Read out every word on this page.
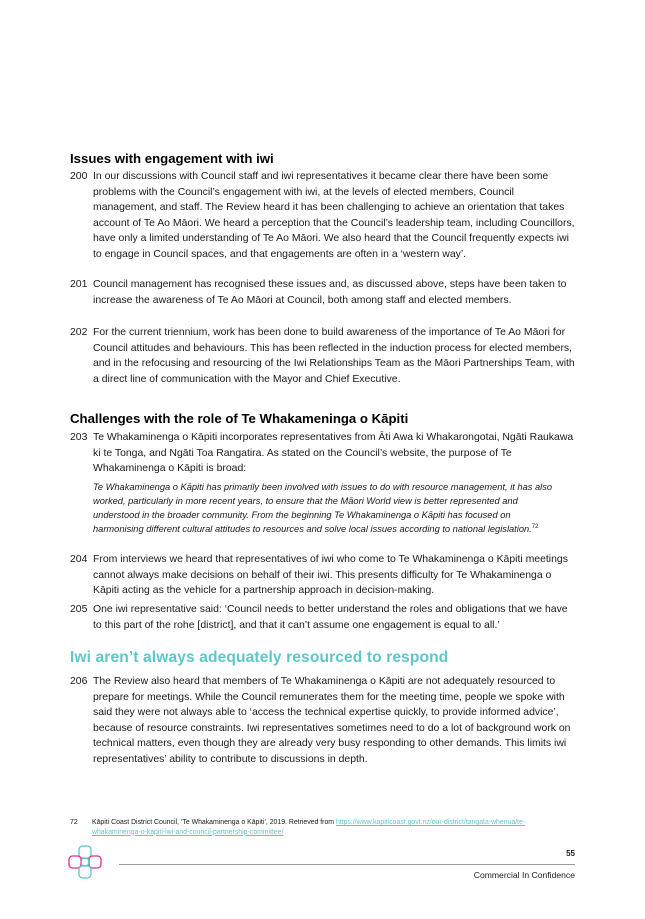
Issues with engagement with iwi
200 In our discussions with Council staff and iwi representatives it became clear there have been some problems with the Council’s engagement with iwi, at the levels of elected members, Council management, and staff. The Review heard it has been challenging to achieve an orientation that takes account of Te Ao Māori. We heard a perception that the Council’s leadership team, including Councillors, have only a limited understanding of Te Ao Māori. We also heard that the Council frequently expects iwi to engage in Council spaces, and that engagements are often in a ‘western way’.
201 Council management has recognised these issues and, as discussed above, steps have been taken to increase the awareness of Te Ao Māori at Council, both among staff and elected members.
202 For the current triennium, work has been done to build awareness of the importance of Te Ao Māori for Council attitudes and behaviours. This has been reflected in the induction process for elected members, and in the refocusing and resourcing of the Iwi Relationships Team as the Māori Partnerships Team, with a direct line of communication with the Mayor and Chief Executive.
Challenges with the role of Te Whakameninga o Kāpiti
203 Te Whakaminenga o Kāpiti incorporates representatives from Āti Awa ki Whakarongotai, Ngāti Raukawa ki te Tonga, and Ngāti Toa Rangatira. As stated on the Council’s website, the purpose of Te Whakaminenga o Kāpiti is broad:
Te Whakaminenga o Kāpiti has primarily been involved with issues to do with resource management, it has also worked, particularly in more recent years, to ensure that the Māori World view is better represented and understood in the broader community. From the beginning Te Whakaminenga o Kāpiti has focused on harmonising different cultural attitudes to resources and solve local issues according to national legislation.$^{72}$
204 From interviews we heard that representatives of iwi who come to Te Whakaminenga o Kāpiti meetings cannot always make decisions on behalf of their iwi. This presents difficulty for Te Whakaminenga o Kāpiti acting as the vehicle for a partnership approach in decision-making.
205 One iwi representative said: ‘Council needs to better understand the roles and obligations that we have to this part of the rohe [district], and that it can’t assume one engagement is equal to all.’
Iwi aren’t always adequately resourced to respond
206 The Review also heard that members of Te Whakaminenga o Kāpiti are not adequately resourced to prepare for meetings. While the Council remunerates them for the meeting time, people we spoke with said they were not always able to ‘access the technical expertise quickly, to provide informed advice’, because of resource constraints. Iwi representatives sometimes need to do a lot of background work on technical matters, even though they are already very busy responding to other demands. This limits iwi representatives’ ability to contribute to discussions in depth.
72 Kāpiti Coast District Council, ‘Te Whakaminenga o Kāpiti’, 2019. Retrieved from https://www.kapiticoast.govt.nz/our-district/tangata-whenua/te-whakaminenga-o-kapiti-iwi-and-council-partnership-committee/
55
Commercial In Confidence
